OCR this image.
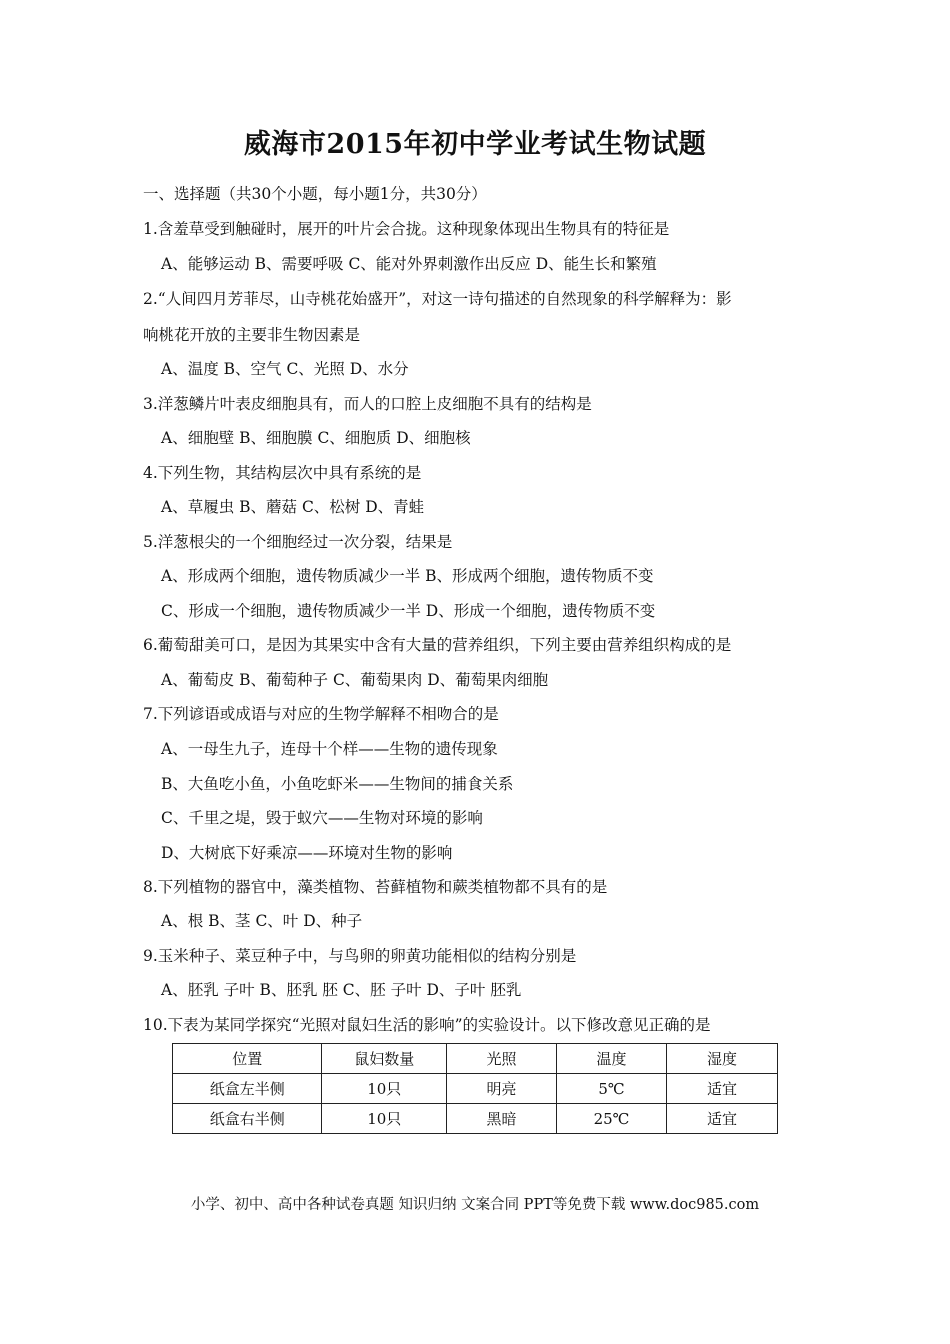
威海市2015年初中学业考试生物试题
一、选择题（共30个小题，每小题1分，共30分）
1.含羞草受到触碰时，展开的叶片会合拢。这种现象体现出生物具有的特征是
A、能够运动 B、需要呼吸 C、能对外界刺激作出反应 D、能生长和繁殖
2.“人间四月芳菲尽，山寺桃花始盛开”，对这一诗句描述的自然现象的科学解释为：影
响桃花开放的主要非生物因素是
A、温度 B、空气 C、光照 D、水分
3.洋葱鳞片叶表皮细胞具有，而人的口腔上皮细胞不具有的结构是
A、细胞壁 B、细胞膜 C、细胞质 D、细胞核
4.下列生物，其结构层次中具有系统的是
A、草履虫 B、蘑菇 C、松树 D、青蛙
5.洋葱根尖的一个细胞经过一次分裂，结果是
A、形成两个细胞，遗传物质减少一半 B、形成两个细胞，遗传物质不变
C、形成一个细胞，遗传物质减少一半 D、形成一个细胞，遗传物质不变
6.葡萄甜美可口，是因为其果实中含有大量的营养组织，下列主要由营养组织构成的是
A、葡萄皮 B、葡萄种子 C、葡萄果肉 D、葡萄果肉细胞
7.下列谚语或成语与对应的生物学解释不相吻合的是
A、一母生九子，连母十个样——生物的遗传现象
B、大鱼吃小鱼，小鱼吃虾米——生物间的捕食关系
C、千里之堤，毁于蚁穴——生物对环境的影响
D、大树底下好乘凉——环境对生物的影响
8.下列植物的器官中，藻类植物、苔藓植物和蕨类植物都不具有的是
A、根 B、茎 C、叶 D、种子
9.玉米种子、菜豆种子中，与鸟卵的卵黄功能相似的结构分别是
A、胚乳 子叶 B、胚乳 胚 C、胚 子叶 D、子叶 胚乳
10.下表为某同学探究“光照对鼠妇生活的影响”的实验设计。以下修改意见正确的是
位置	鼠妇数量	光照	温度	湿度
纸盒左半侧	10只	明亮	5℃	适宜
纸盒右半侧	10只	黑暗	25℃	适宜
小学、初中、高中各种试卷真题 知识归纳 文案合同 PPT等免费下载 www.doc985.com
